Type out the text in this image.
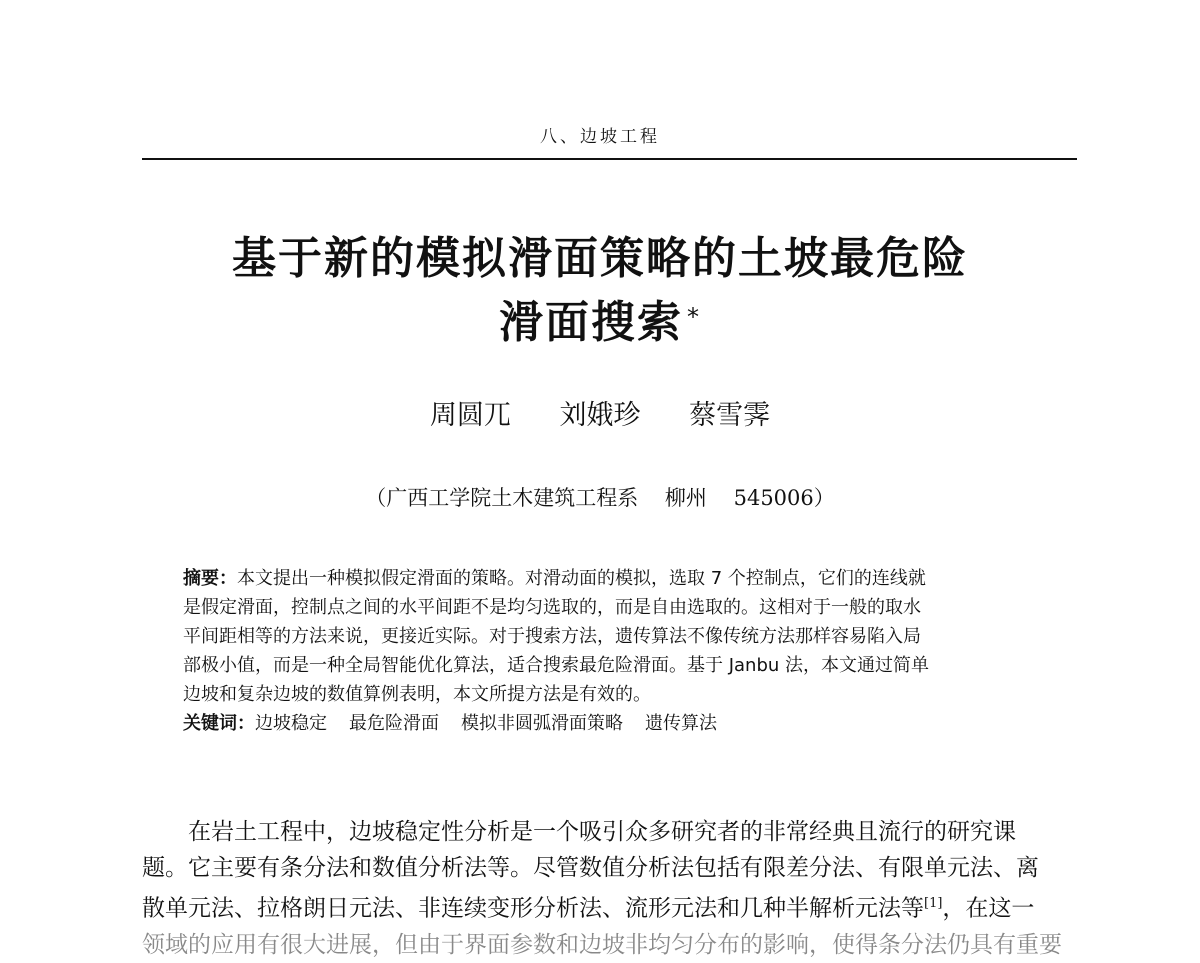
八、边坡工程
基于新的模拟滑面策略的土坡最危险
滑面搜索 *
周圆兀 刘娥珍 蔡雪霁
（广西工学院土木建筑工程系 柳州 545006）

摘要：本文提出一种模拟假定滑面的策略。对滑动面的模拟，选取 7 个控制点，它们的连线就

是假定滑面，控制点之间的水平间距不是均匀选取的，而是自由选取的。这相对于一般的取水

平间距相等的方法来说，更接近实际。对于搜索方法，遗传算法不像传统方法那样容易陷入局

部极小值，而是一种全局智能优化算法，适合搜索最危险滑面。基于 Janbu 法，本文通过简单

边坡和复杂边坡的数值算例表明，本文所提方法是有效的。

关键词：边坡稳定 最危险滑面 模拟非圆弧滑面策略 遗传算法

在岩土工程中，边坡稳定性分析是一个吸引众多研究者的非常经典且流行的研究课

题。它主要有条分法和数值分析法等。尽管数值分析法包括有限差分法、有限单元法、离

散单元法、拉格朗日元法、非连续变形分析法、流形元法和几种半解析元法等[1]，在这一

领域的应用有很大进展，但由于界面参数和边坡非均匀分布的影响，使得条分法仍具有重要
